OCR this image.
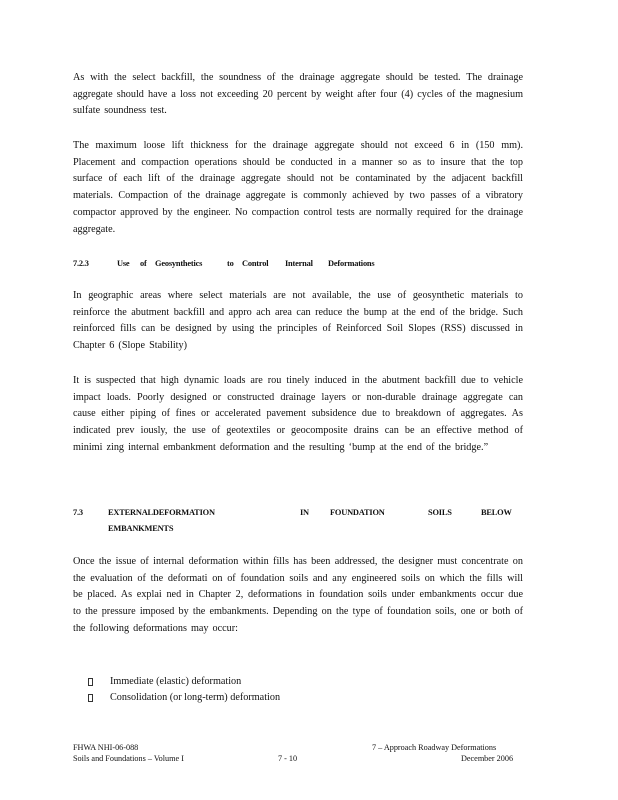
As with the select backfill, the soundness of the drainage aggregate should be tested. The drainage aggregate should have a loss not exceeding 20 percent by weight after four (4) cycles of the magnesium sulfate soundness test.

The maximum loose lift thickness for the drainage aggregate should not exceed 6 in (150 mm). Placement and compaction operations should be conducted in a manner so as to insure that the top surface of each lift of the drainage aggregate should not be contaminated by the adjacent backfill materials. Compaction of the drainage aggregate is commonly achieved by two passes of a vibratory compactor approved by the engineer. No compaction control tests are normally required for the drainage aggregate.

7.2.3	Use of Geosynthetics	to Control Internal Deformations

In geographic areas where select materials are not available, the use of geosynthetic materials to reinforce the abutment backfill and appro ach area can reduce the bump at the end of the bridge. Such reinforced fills can be designed by using the principles of Reinforced Soil Slopes (RSS) discussed in Chapter 6 (Slope Stability)

It is suspected that high dynamic loads are rou tinely induced in the abutment backfill due to vehicle impact loads. Poorly designed or constructed drainage layers or non-durable drainage aggregate can cause either piping of fines or accelerated pavement subsidence due to breakdown of aggregates. As indicated prev iously, the use of geotextiles or geocomposite drains can be an effective method of minimi zing internal embankment deformation and the resulting ‘bump at the end of the bridge.”

7.3	EXTERNALDEFORMATION	IN	FOUNDATION	SOILS	BELOW
EMBANKMENTS

Once the issue of internal deformation within fills has been addressed, the designer must concentrate on the evaluation of the deformati on of foundation soils and any engineered soils on which the fills will be placed. As explai ned in Chapter 2, deformations in foundation soils under embankments occur due to the pressure imposed by the embankments. Depending on the type of foundation soils, one or both of the following deformations may occur:

Immediate (elastic) deformation
Consolidation (or long-term) deformation

FHWA NHI-06-088

Soils and Foundations – Volume I	7 - 10

7 – Approach Roadway Deformations

December 2006
